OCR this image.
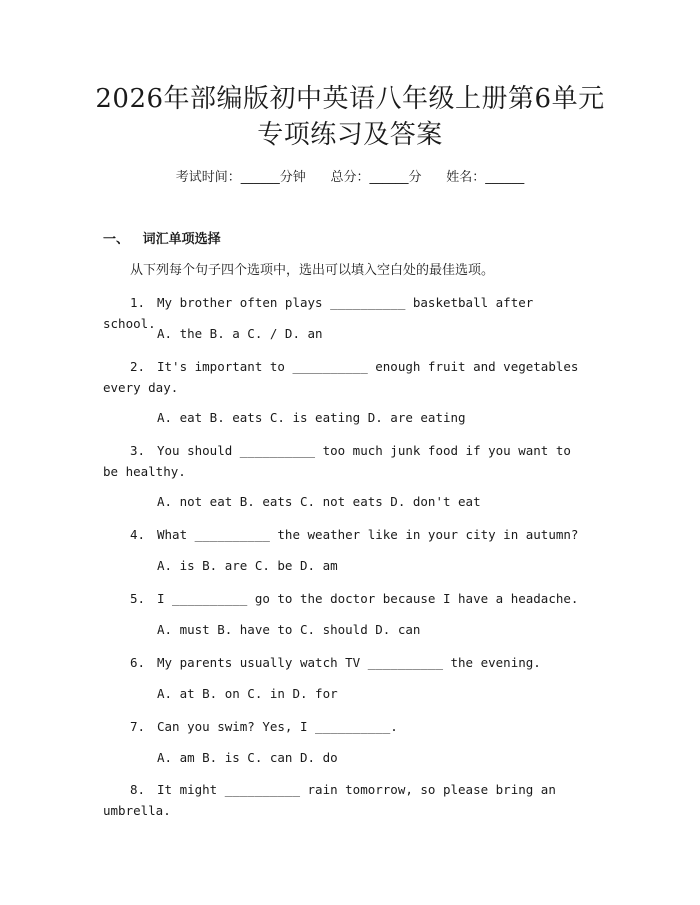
2026年部编版初中英语八年级上册第6单元
专项练习及答案
考试时间：______分钟      总分：______分      姓名：______
一、   词汇单项选择
从下列每个句子四个选项中，选出可以填入空白处的最佳选项。
1. My brother often plays __________ basketball after school.
A. the B. a C. / D. an
2. It's important to __________ enough fruit and vegetables every day.
A. eat B. eats C. is eating D. are eating
3. You should __________ too much junk food if you want to be healthy.
A. not eat B. eats C. not eats D. don't eat
4. What __________ the weather like in your city in autumn?
A. is B. are C. be D. am
5. I __________ go to the doctor because I have a headache.
A. must B. have to C. should D. can
6. My parents usually watch TV __________ the evening.
A. at B. on C. in D. for
7. Can you swim? Yes, I __________.
A. am B. is C. can D. do
8. It might __________ rain tomorrow, so please bring an umbrella.
